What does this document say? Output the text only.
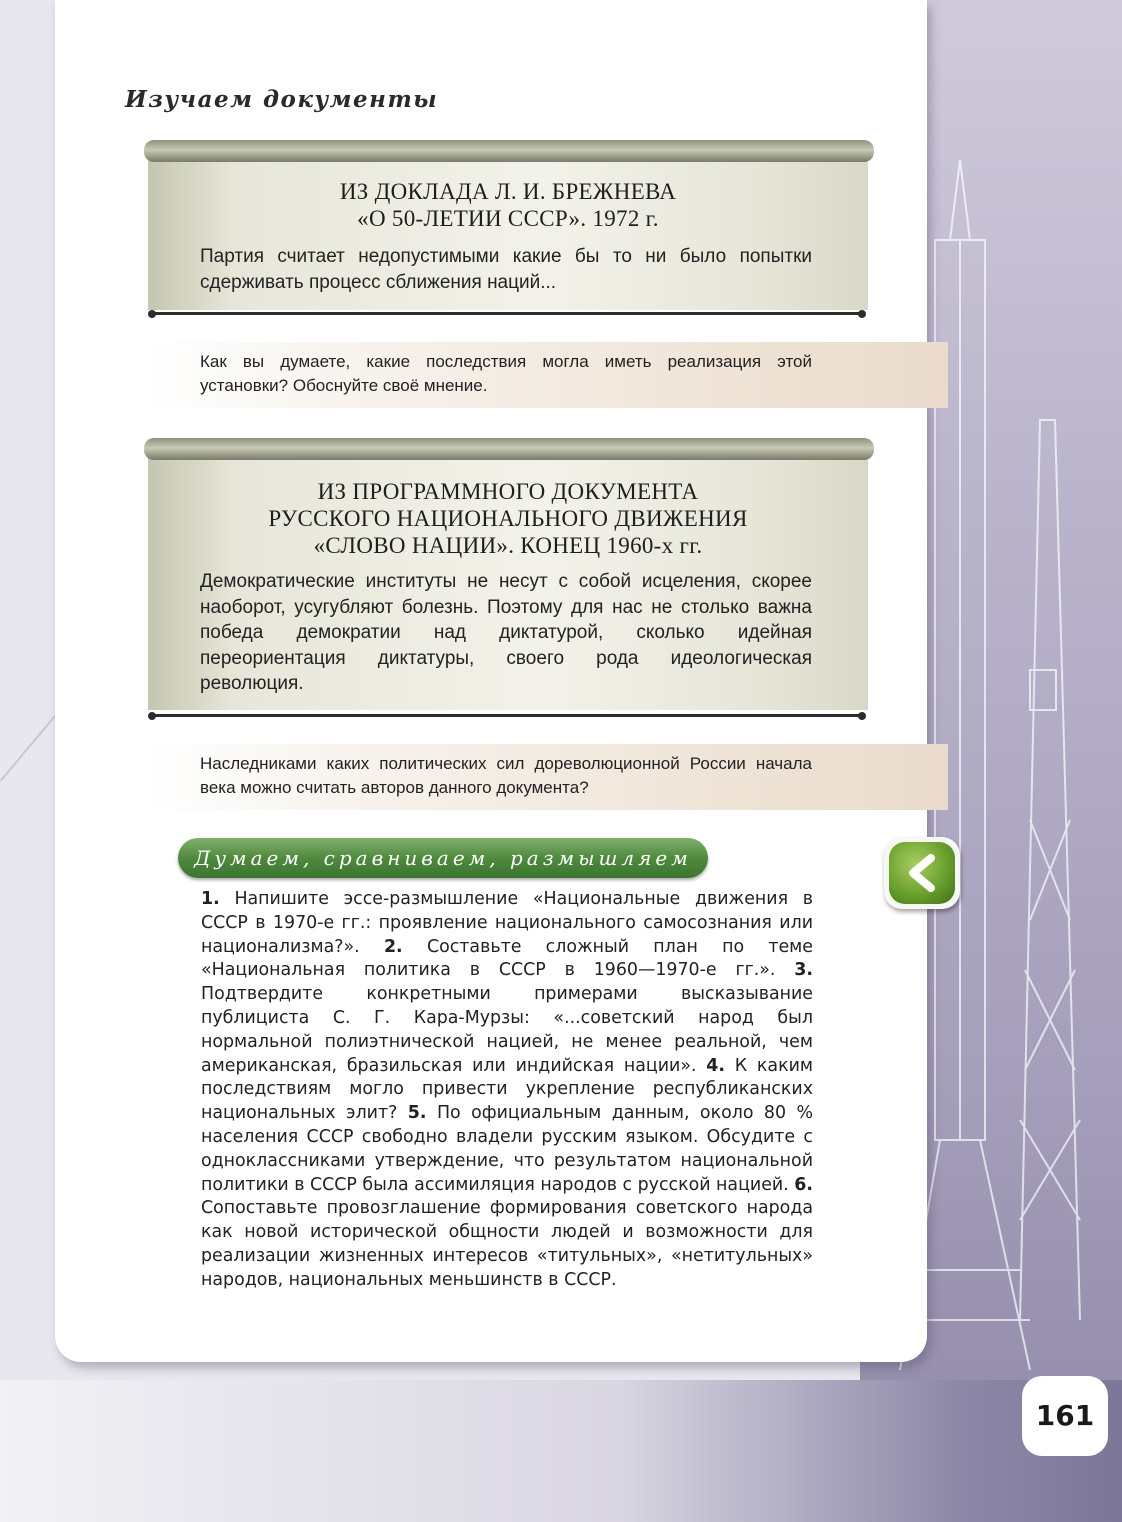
Изучаем документы

ИЗ ДОКЛАДА Л. И. БРЕЖНЕВА

«О 50-ЛЕТИИ СССР». 1972 г.

Партия считает недопустимыми какие бы то ни было попытки сдерживать процесс сближения наций...

Как вы думаете, какие последствия могла иметь реализация этой установки? Обоснуйте своё мнение.

ИЗ ПРОГРАММНОГО ДОКУМЕНТА

РУССКОГО НАЦИОНАЛЬНОГО ДВИЖЕНИЯ

«СЛОВО НАЦИИ». КОНЕЦ 1960-х гг.

Демократические институты не несут с собой исцеления, скорее наоборот, усугубляют болезнь. Поэтому для нас не столько важна победа демократии над диктатурой, сколько идейная переориентация диктатуры, своего рода идеологическая революция.

Наследниками каких политических сил дореволюционной России начала века можно считать авторов данного документа?

Думаем, сравниваем, размышляем

1. Напишите эссе-размышление «Национальные движения в СССР в 1970-е гг.: проявление национального самосознания или национализма?». 2. Составьте сложный план по теме «Национальная политика в СССР в 1960—1970-е гг.». 3. Подтвердите конкретными примерами высказывание публициста С. Г. Кара-Мурзы: «...советский народ был нормальной полиэтнической нацией, не менее реальной, чем американская, бразильская или индийская нации». 4. К каким последствиям могло привести укрепление республиканских национальных элит? 5. По официальным данным, около 80 % населения СССР свободно владели русским языком. Обсудите с одноклассниками утверждение, что результатом национальной политики в СССР была ассимиляция народов с русской нацией. 6. Сопоставьте провозглашение формирования советского народа как новой исторической общности людей и возможности для реализации жизненных интересов «титульных», «нетитульных» народов, национальных меньшинств в СССР.

161
